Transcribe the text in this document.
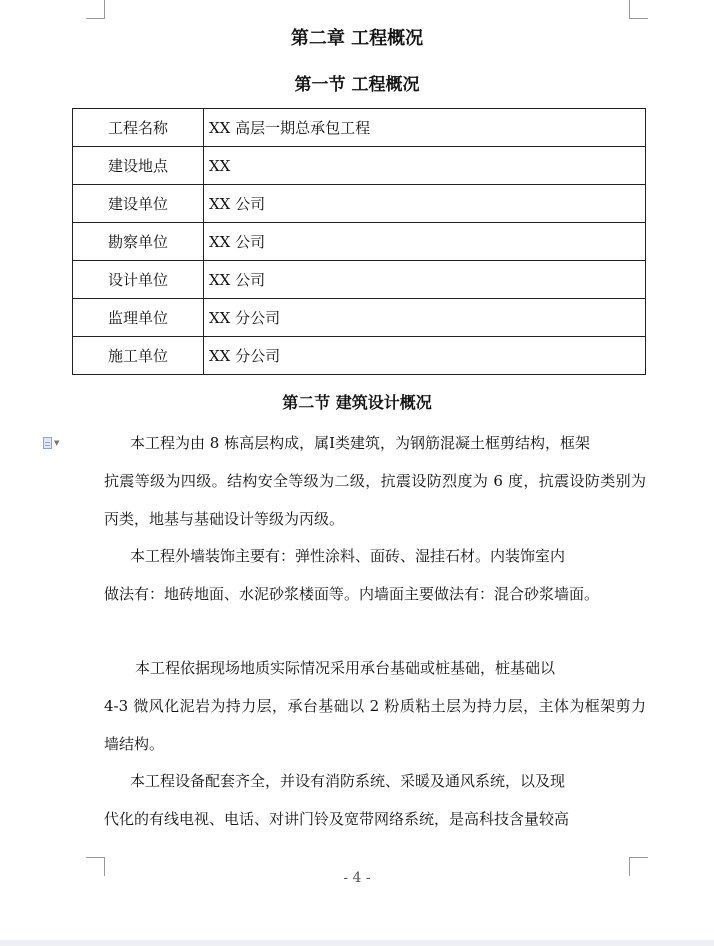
第二章 工程概况
第一节 工程概况
工程名称	XX 高层一期总承包工程
建设地点	XX
建设单位	XX 公司
勘察单位	XX 公司
设计单位	XX 公司
监理单位	XX 分公司
施工单位	XX 分公司
第二节 建筑设计概况
▼	本工程为由 8 栋高层构成，属Ⅰ类建筑，为钢筋混凝土框剪结构，框架
抗震等级为四级。结构安全等级为二级，抗震设防烈度为 6 度，抗震设防类别为丙类，地基与基础设计等级为丙级。
本工程外墙装饰主要有：弹性涂料、面砖、湿挂石材。内装饰室内
做法有：地砖地面、水泥砂浆楼面等。内墙面主要做法有：混合砂浆墙面。
本工程依据现场地质实际情况采用承台基础或桩基础，桩基础以
4-3 微风化泥岩为持力层，承台基础以 2 粉质粘土层为持力层，主体为框架剪力墙结构。
本工程设备配套齐全，并设有消防系统、采暖及通风系统，以及现
代化的有线电视、电话、对讲门铃及宽带网络系统，是高科技含量较高
- 4 -
